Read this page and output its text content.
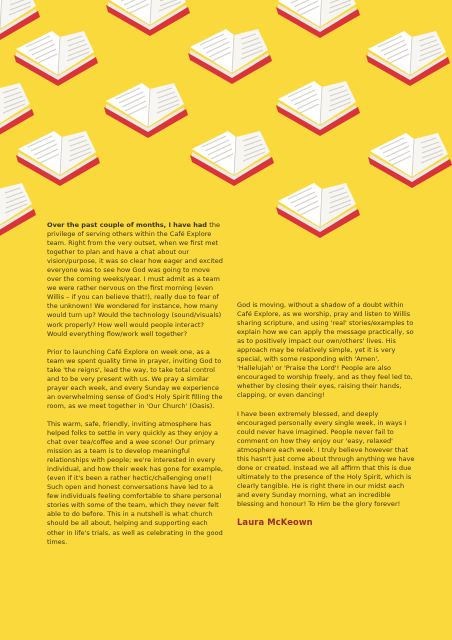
Over the past couple of months, I have had

the privilege of serving others within the Café Explore team. Right from the very outset, when we first met together to plan and have a chat about our vision/purpose, it was so clear how eager and excited everyone was to see how God was going to move over the coming weeks/year. I must admit as a team we were rather nervous on the first morning (even Willis – if you can believe that!), really due to fear of the unknown! We wondered for instance, how many would turn up? Would the technology (sound/visuals) work properly? How well would people interact? Would everything flow/work well together?

Prior to launching Café Explore on week one, as a team we spent quality time in prayer, inviting God to take 'the reigns', lead the way, to take total control and to be very present with us. We pray a similar prayer each week, and every Sunday we experience an overwhelming sense of God's Holy Spirit filling the room, as we meet together in 'Our Church' (Oasis).

This warm, safe, friendly, inviting atmosphere has helped folks to settle in very quickly as they enjoy a chat over tea/coffee and a wee scone! Our primary mission as a team is to develop meaningful relationships with people; we're interested in every individual, and how their week has gone for example, (even if it's been a rather hectic/challenging one!) Such open and honest conversations have led to a few individuals feeling comfortable to share personal stories with some of the team, which they never felt able to do before. This in a nutshell is what church should be all about, helping and supporting each other in life's trials, as well as celebrating in the good times.

God is moving, without a shadow of a doubt within Café Explore, as we worship, pray and listen to Willis sharing scripture, and using 'real' stories/examples to explain how we can apply the message practically, so as to positively impact our own/others' lives. His approach may be relatively simple, yet it is very special, with some responding with 'Amen', 'Hallelujah' or 'Praise the Lord'! People are also encouraged to worship freely, and as they feel led to, whether by closing their eyes, raising their hands, clapping, or even dancing!

I have been extremely blessed, and deeply encouraged personally every single week, in ways I could never have imagined. People never fail to comment on how they enjoy our 'easy, relaxed' atmosphere each week. I truly believe however that this hasn't just come about through anything we have done or created. Instead we all affirm that this is due ultimately to the presence of the Holy Spirit, which is clearly tangible. He is right there in our midst each and every Sunday morning, what an incredible blessing and honour! To Him be the glory forever!

Laura McKeown
